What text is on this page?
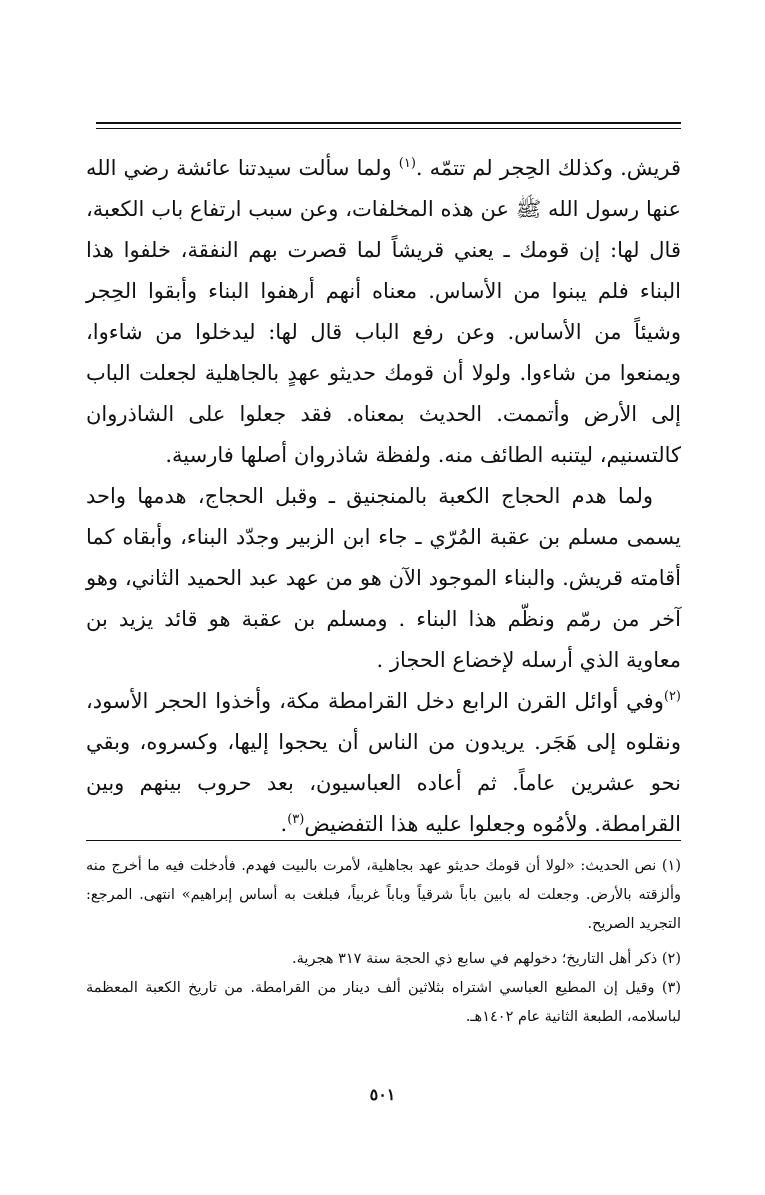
قريش. وكذلك الحِجر لم تتمّه .$^{(١)}$ ولما سألت سيدتنا عائشة رضي الله عنها رسول الله ﷺ عن هذه المخلفات، وعن سبب ارتفاع باب الكعبة، قال لها: إن قومك ـ يعني قريشاً لما قصرت بهم النفقة، خلفوا هذا البناء فلم يبنوا من الأساس. معناه أنهم أرهفوا البناء وأبقوا الحِجر وشيئاً من الأساس. وعن رفع الباب قال لها: ليدخلوا من شاءوا، ويمنعوا من شاءوا. ولولا أن قومك حديثو عهدٍ بالجاهلية لجعلت الباب إلى الأرض وأتممت. الحديث بمعناه. فقد جعلوا على الشاذروان كالتسنيم، ليتنبه الطائف منه. ولفظة شاذروان أصلها فارسية.

ولما هدم الحجاج الكعبة بالمنجنيق ـ وقبل الحجاج، هدمها واحد يسمى مسلم بن عقبة المُرّي ـ جاء ابن الزبير وجدّد البناء، وأبقاه كما أقامته قريش. والبناء الموجود الآن هو من عهد عبد الحميد الثاني، وهو آخر من رمّم ونظّم هذا البناء . ومسلم بن عقبة هو قائد يزيد بن معاوية الذي أرسله لإخضاع الحجاز .

$^{(٢)}$وفي أوائل القرن الرابع دخل القرامطة مكة، وأخذوا الحجر الأسود، ونقلوه إلى هَجَر. يريدون من الناس أن يحجوا إليها، وكسروه، وبقي نحو عشرين عاماً. ثم أعاده العباسيون، بعد حروب بينهم وبين القرامطة. ولأمُوه وجعلوا عليه هذا التفضيض$^{(٣)}$.

(١) نص الحديث: «لولا أن قومك حديثو عهد بجاهلية، لأمرت بالبيت فهدم. فأدخلت فيه ما أخرج منه وألزقته بالأرض. وجعلت له بابين باباً شرقياً وباباً غربياً، فبلغت به أساس إبراهيم» انتهى. المرجع: التجريد الصريح.

(٢) ذكر أهل التاريخ؛ دخولهم في سابع ذي الحجة سنة ٣١٧ هجرية.

(٣) وقيل إن المطيع العباسي اشتراه بثلاثين ألف دينار من القرامطة. من تاريخ الكعبة المعظمة لباسلامه، الطبعة الثانية عام ١٤٠٢هـ.

٥٠١
